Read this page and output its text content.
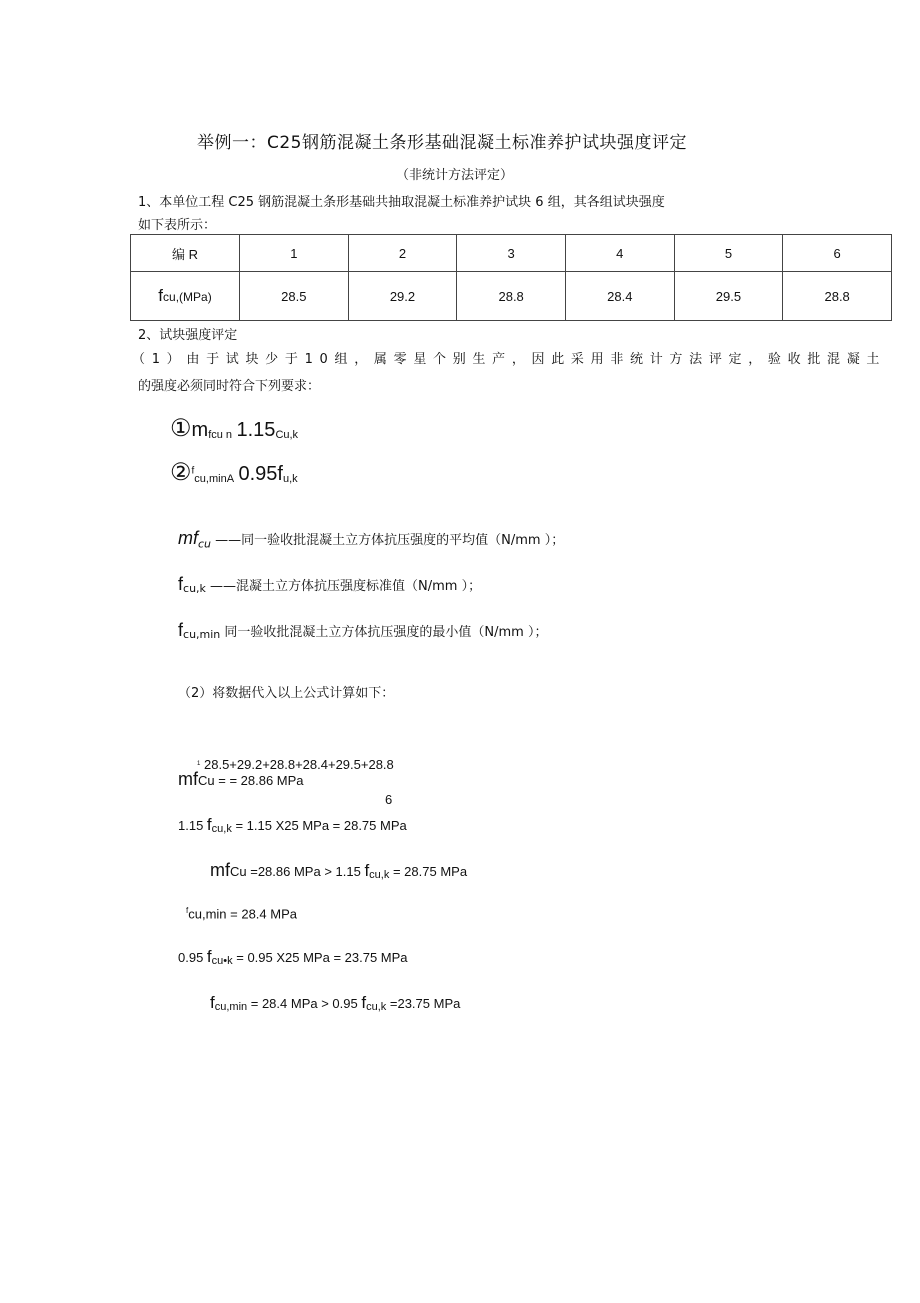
举例一：C25钢筋混凝土条形基础混凝土标准养护试块强度评定
（非统计方法评定）
1、本单位工程 C25 钢筋混凝土条形基础共抽取混凝土标准养护试块 6 组，其各组试块强度
如下表所示：
编 R	1	2	3	4	5	6
fcu,(MPa)	28.5	29.2	28.8	28.4	29.5	28.8
2、试块强度评定
（1）由于试块少于10组，属零星个别生产，因此采用非统计方法评定，验收批混凝土
的强度必须同时符合下列要求：
$①m_{fcu n}$ $1.15_{Cu,k}$
②$^f_{cu,minA}$ $0.95f_{u,k}$
$mf_{cu}$ ——同一验收批混凝土立方体抗压强度的平均值（N/mm ）；
$f_{cu,k}$ ——混凝土立方体抗压强度标准值（N/mm ）；
$f_{cu,min}$ 同一验收批混凝土立方体抗压强度的最小值（N/mm ）；
（2）将数据代入以上公式计算如下：
1 28.5+29.2+28.8+28.4+29.5+28.8
mfCu = = 28.86 MPa
6
1.15 $f_{cu,k} = 1.15$ X25 MPa = 28.75 MPa
mfCu =28.86 MPa > 1.15 $f_{cu,k} = 28.75$ MPa
$^f$cu,min = 28.4 MPa
0.95 $f_{cu•k} = 0.95$ X25 MPa = 23.75 MPa
$f_{cu,min} = 28.4$ MPa > 0.95 $f_{cu,k} =23.75$ MPa
